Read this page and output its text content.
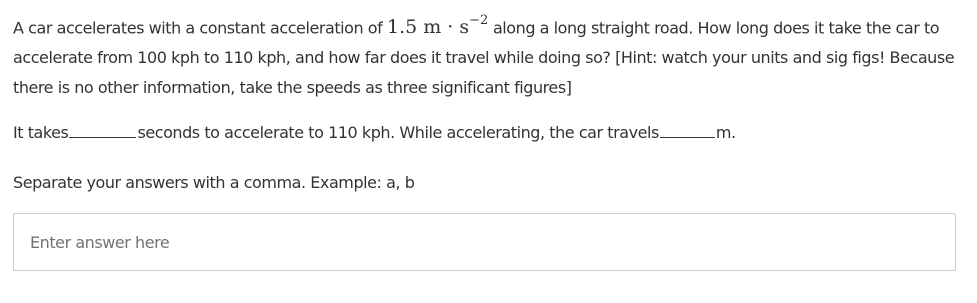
A car accelerates with a constant acceleration of 1.5 $m \cdot s^{-2}$ along a long straight road. How long does it take the car to accelerate from 100 kph to 110 kph, and how far does it travel while doing so? [Hint: watch your units and sig figs! Because there is no other information, take the speeds as three significant figures]

It takes	seconds to accelerate to 110 kph. While accelerating, the car travels	m.
Separate your answers with a comma. Example: a, b
Enter answer here
